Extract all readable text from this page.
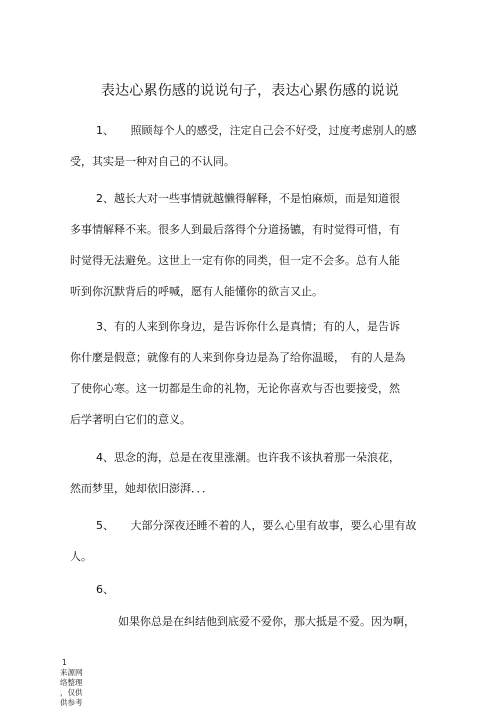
表达心累伤感的说说句子，表达心累伤感的说说
1、　　照顾每个人的感受，注定自己会不好受，过度考虑别人的感
受，其实是一种对自己的不认同。
2、越长大对一些事情就越懒得解释，不是怕麻烦，而是知道很
多事情解释不来。很多人到最后落得个分道扬镳，有时觉得可惜，有
时觉得无法避免。这世上一定有你的同类，但一定不会多。总有人能
听到你沉默背后的呼喊，愿有人能懂你的欲言又止。
3、有的人来到你身边，是告诉你什么是真情；有的人，是告诉
你什麼是假意；就像有的人来到你身边是為了给你温暖，　有的人是為
了使你心寒。这一切都是生命的礼物，无论你喜欢与否也要接受，然
后学著明白它们的意义。
4、思念的海，总是在夜里涨潮。也许我不该执着那一朵浪花，
然而梦里，她却依旧澎湃．．．
5、　　大部分深夜还睡不着的人，要么心里有故事，要么心里有故
人。
6、
　　如果你总是在纠结他到底爱不爱你，那大抵是不爱。因为啊，
1
来源网
络整理
，仅供
供参考
